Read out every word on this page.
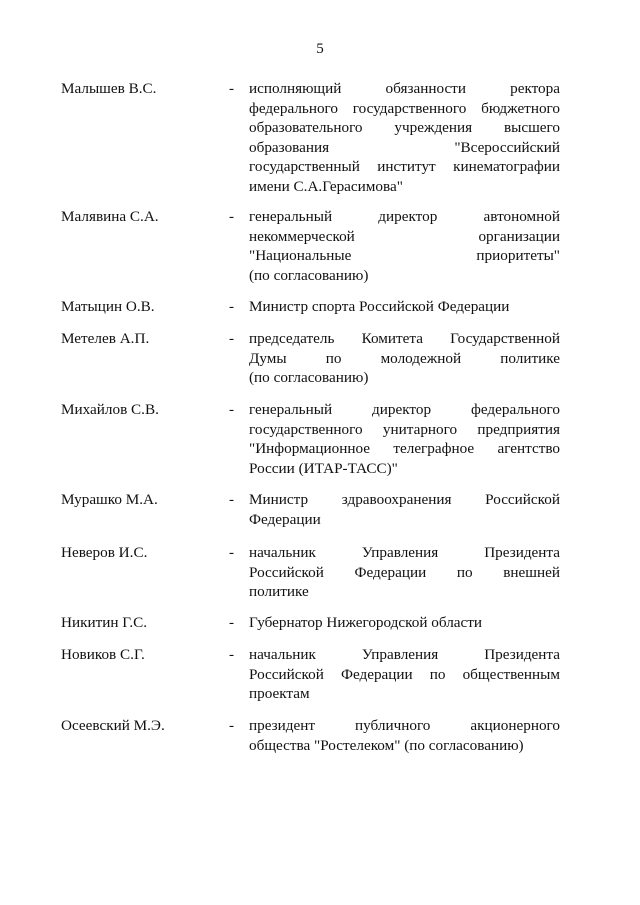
5
Малышев В.С.	- исполняющий обязанности ректора
федерального государственного бюджетного
образовательного учреждения высшего
образования "Всероссийский
государственный институт кинематографии
имени С.А.Герасимова"
Малявина С.А.	- генеральный директор автономной
некоммерческой организации
"Национальные приоритеты"
(по согласованию)
Матыцин О.В.	- Министр спорта Российской Федерации
Метелев А.П.	- председатель Комитета Государственной
Думы по молодежной политике
(по согласованию)
Михайлов С.В.	- генеральный директор федерального
государственного унитарного предприятия
"Информационное телеграфное агентство
России (ИТАР-ТАСС)"
Мурашко М.А.	- Министр здравоохранения Российской
Федерации
Неверов И.С.	- начальник Управления Президента
Российской Федерации по внешней
политике
Никитин Г.С.	- Губернатор Нижегородской области
Новиков С.Г.	- начальник Управления Президента
Российской Федерации по общественным
проектам
Осеевский М.Э.	- президент публичного акционерного
общества "Ростелеком" (по согласованию)
